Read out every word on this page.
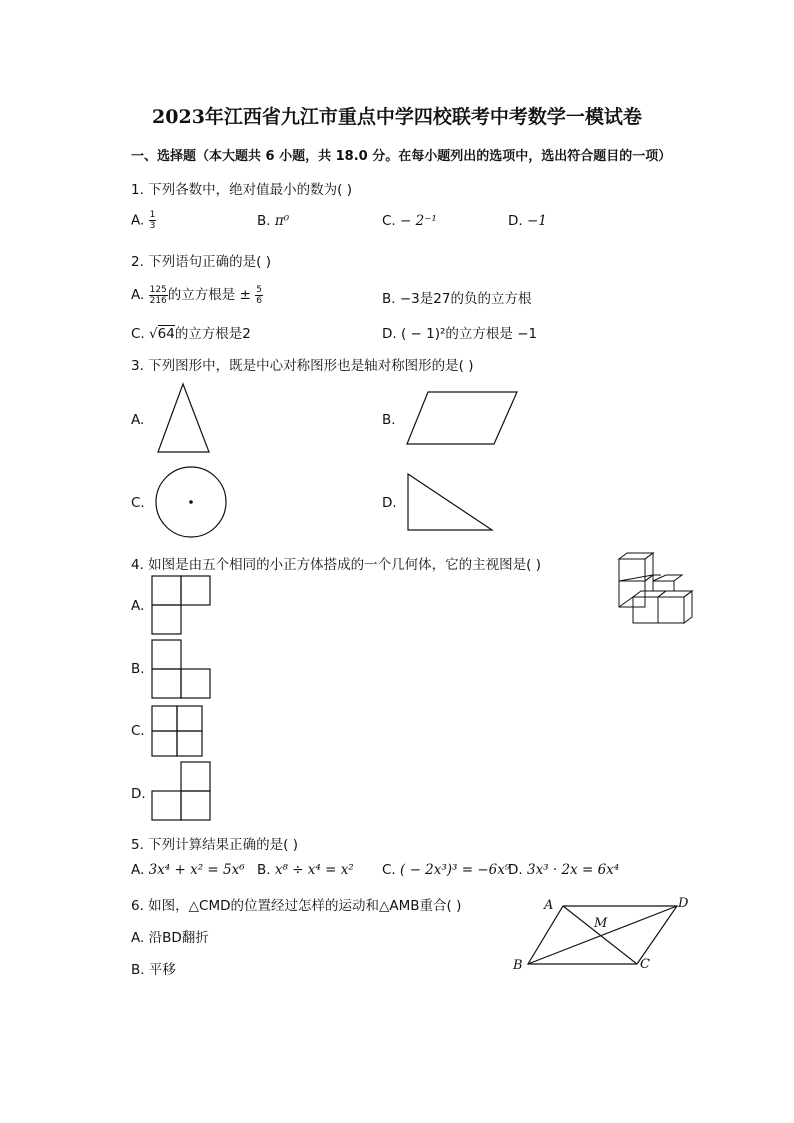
2023年江西省九江市重点中学四校联考中考数学一模试卷
一、选择题（本大题共 6 小题，共 18.0 分。在每小题列出的选项中，选出符合题目的一项）
1. 下列各数中，绝对值最小的数为( )
A. $\frac{1}{3}$	B. π⁰	C. − 2⁻¹	D. −1
2. 下列语句正确的是( )
A. $\frac{125}{216}$ 的立方根是 ± $\frac{5}{6}$	B. −3是27的负的立方根
C. √64的立方根是2	D. ( − 1)²的立方根是 −1
3. 下列图形中，既是中心对称图形也是轴对称图形的是( )
A.	B.
C.	D.
4. 如图是由五个相同的小正方体搭成的一个几何体，它的主视图是( )
A.
B.
C.
D.
5. 下列计算结果正确的是( )
A. 3x⁴ + x² = 5x⁶ B. x⁸ ÷ x⁴ = x² C. ( − 2x³)³ = −6x⁹
D. 3x³ · 2x = 6x⁴
6. 如图，△CMD的位置经过怎样的运动和△AMB重合( )
A. 沿BD翻折
B. 平移
A	D
M
B	C
